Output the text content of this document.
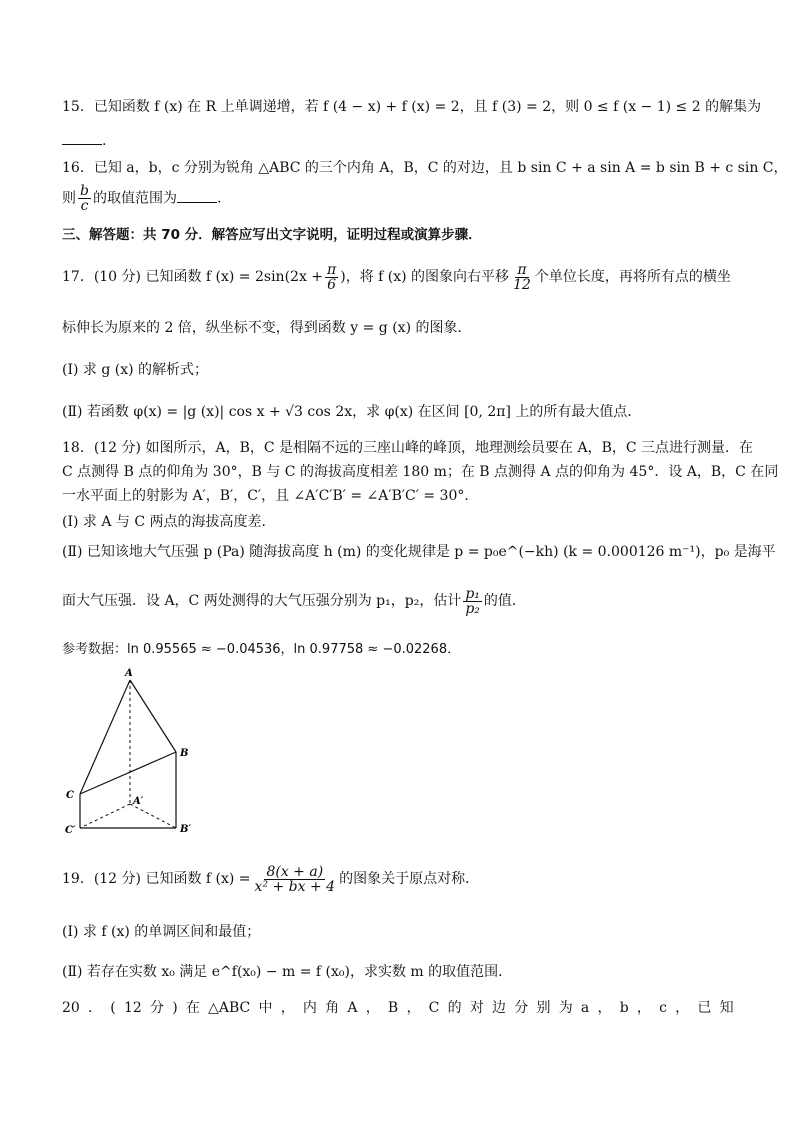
15．已知函数 f (x) 在 R 上单调递增，若 f (4 − x) + f (x) = 2，且 f (3) = 2，则 0 ≤ f (x − 1) ≤ 2 的解集为
.
16．已知 a，b，c 分别为锐角 △ABC 的三个内角 A，B，C 的对边，且 b sin C + a sin A = b sin B + c sin C，
则 $\frac{b}{c}$ 的取值范围为	.
三、解答题：共 70 分．解答应写出文字说明，证明过程或演算步骤．
17．(10 分) 已知函数 f $(x) = 2\sin(2x + \frac{\pi}{6}$ )，将 f (x) 的图象向右平移 $\frac{\pi}{12}$ 个单位长度，再将所有点的横坐
标伸长为原来的 2 倍，纵坐标不变，得到函数 y = g (x) 的图象．
(Ⅰ) 求 g (x) 的解析式；
(Ⅱ) 若函数 φ(x) = |g (x)| cos x + √3 cos 2x，求 φ(x) 在区间 [0, 2π] 上的所有最大值点．
18．(12 分) 如图所示，A，B，C 是相隔不远的三座山峰的峰顶，地理测绘员要在 A，B，C 三点进行测量．在
C 点测得 B 点的仰角为 30°，B 与 C 的海拔高度相差 180 m；在 B 点测得 A 点的仰角为 45°．设 A，B，C 在同
一水平面上的射影为 A′，B′，C′，且 ∠A′C′B′ = ∠A′B′C′ = 30°．
(Ⅰ) 求 A 与 C 两点的海拔高度差．
(Ⅱ) 已知该地大气压强 p (Pa) 随海拔高度 h (m) 的变化规律是 p = p₀e^(−kh) (k = 0.000126 m⁻¹)，p₀ 是海平
面大气压强．设 A，C 两处测得的大气压强分别为 p₁，p₂，估计 $\frac{\text{p₁}}{\text{p₂}}$ 的值．
参考数据：ln 0.95565 ≈ −0.04536，ln 0.97758 ≈ −0.02268．
A
B
C
A′
B′
C′
19．(12 分) 已知函数 f $(x) = \frac{8(x + a)}{\text{x² + bx + 4}}$ 的图象关于原点对称．
(Ⅰ) 求 f (x) 的单调区间和最值；
(Ⅱ) 若存在实数 x₀ 满足 e^f(x₀) − m = f (x₀)，求实数 m 的取值范围．
20 ． ( 12 分 ) 在 △ABC 中 ， 内 角 A ， B ， C 的 对 边 分 别 为 a ， b ， c ， 已 知
